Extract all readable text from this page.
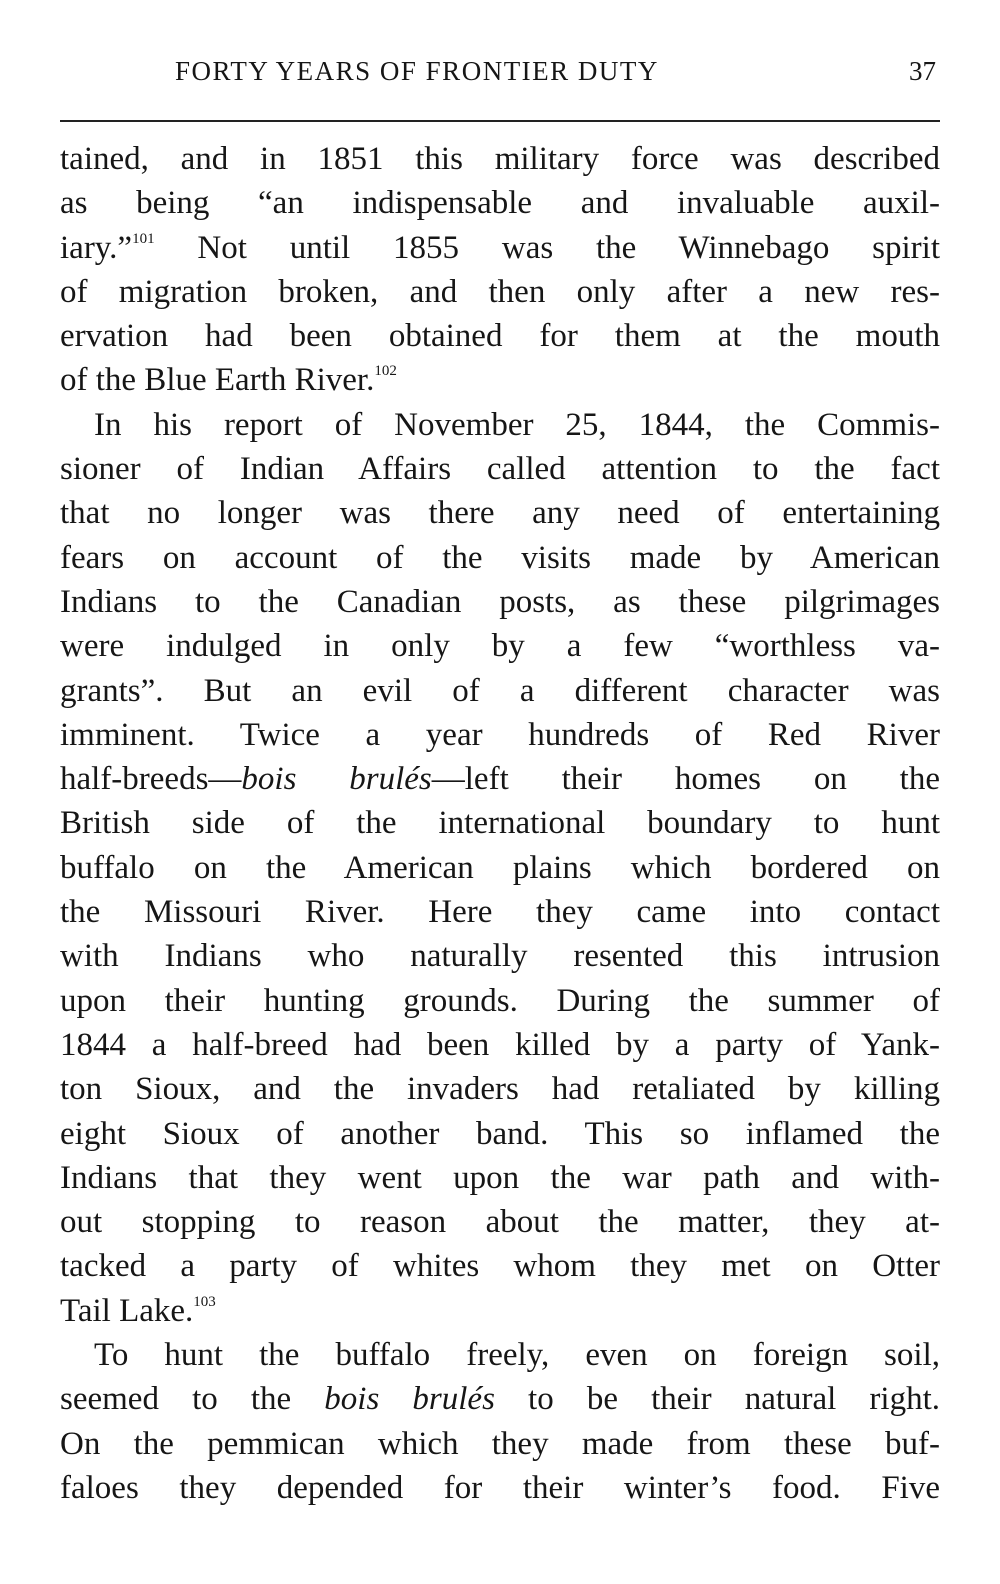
FORTY YEARS OF FRONTIER DUTY	37
tained, and in 1851 this military force was described
as being “an indispensable and invaluable auxil-
iary.”$^{101}$ Not until 1855 was the Winnebago spirit
of migration broken, and then only after a new res-
ervation had been obtained for them at the mouth
of the Blue Earth River.$^{102}$
In his report of November 25, 1844, the Commis-
sioner of Indian Affairs called attention to the fact
that no longer was there any need of entertaining
fears on account of the visits made by American
Indians to the Canadian posts, as these pilgrimages
were indulged in only by a few “worthless va-
grants”. But an evil of a different character was
imminent. Twice a year hundreds of Red River
half-breeds—bois brulés—left their homes on the
British side of the international boundary to hunt
buffalo on the American plains which bordered on
the Missouri River. Here they came into contact
with Indians who naturally resented this intrusion
upon their hunting grounds. During the summer of
1844 a half-breed had been killed by a party of Yank-
ton Sioux, and the invaders had retaliated by killing
eight Sioux of another band. This so inflamed the
Indians that they went upon the war path and with-
out stopping to reason about the matter, they at-
tacked a party of whites whom they met on Otter
Tail Lake.$^{103}$
To hunt the buffalo freely, even on foreign soil,
seemed to the bois brulés to be their natural right.
On the pemmican which they made from these buf-
faloes they depended for their winter’s food. Five
